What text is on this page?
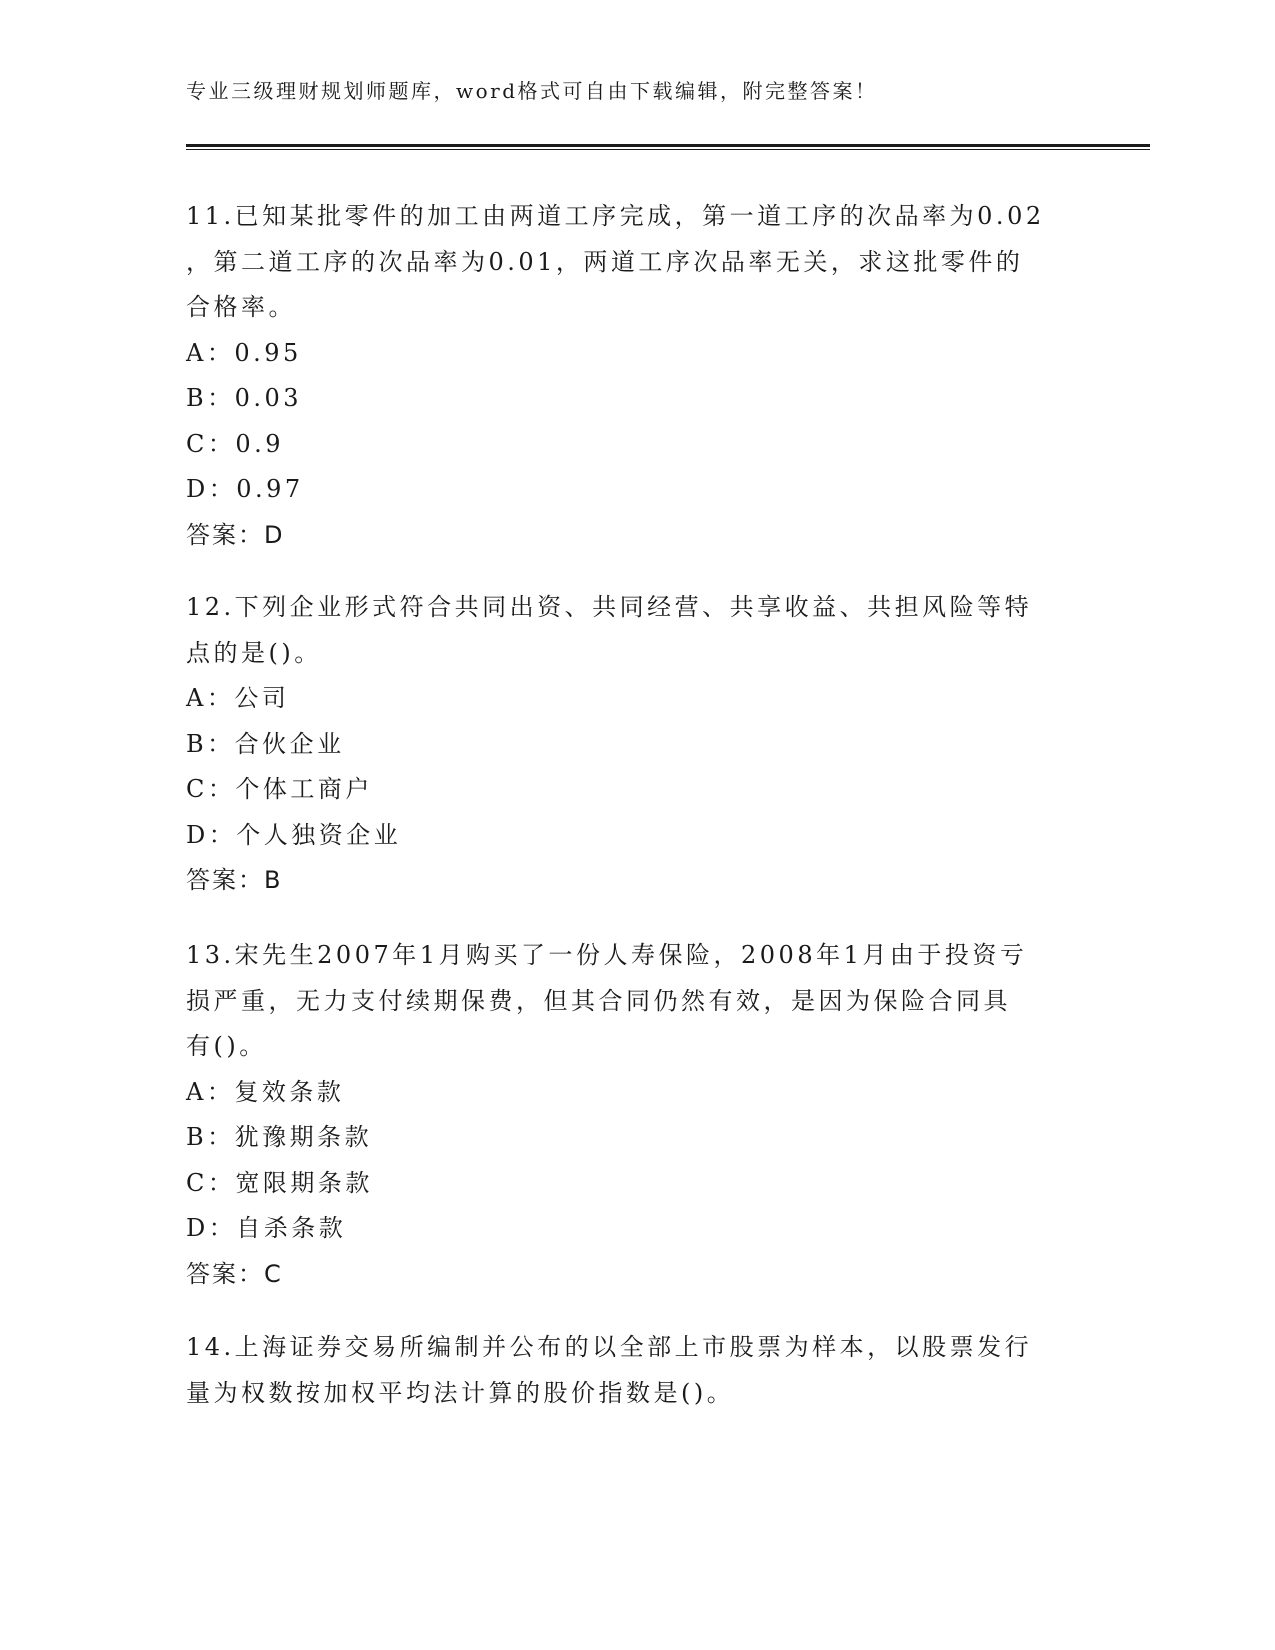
专业三级理财规划师题库，word格式可自由下载编辑，附完整答案！
11.已知某批零件的加工由两道工序完成，第一道工序的次品率为0.02
，第二道工序的次品率为0.01，两道工序次品率无关，求这批零件的
合格率。
A：0.95
B：0.03
C：0.9
D：0.97
答案：D
12.下列企业形式符合共同出资、共同经营、共享收益、共担风险等特
点的是()。
A：公司
B：合伙企业
C：个体工商户
D：个人独资企业
答案：B
13.宋先生2007年1月购买了一份人寿保险，2008年1月由于投资亏
损严重，无力支付续期保费，但其合同仍然有效，是因为保险合同具
有()。
A：复效条款
B：犹豫期条款
C：宽限期条款
D：自杀条款
答案：C
14.上海证券交易所编制并公布的以全部上市股票为样本，以股票发行
量为权数按加权平均法计算的股价指数是()。
